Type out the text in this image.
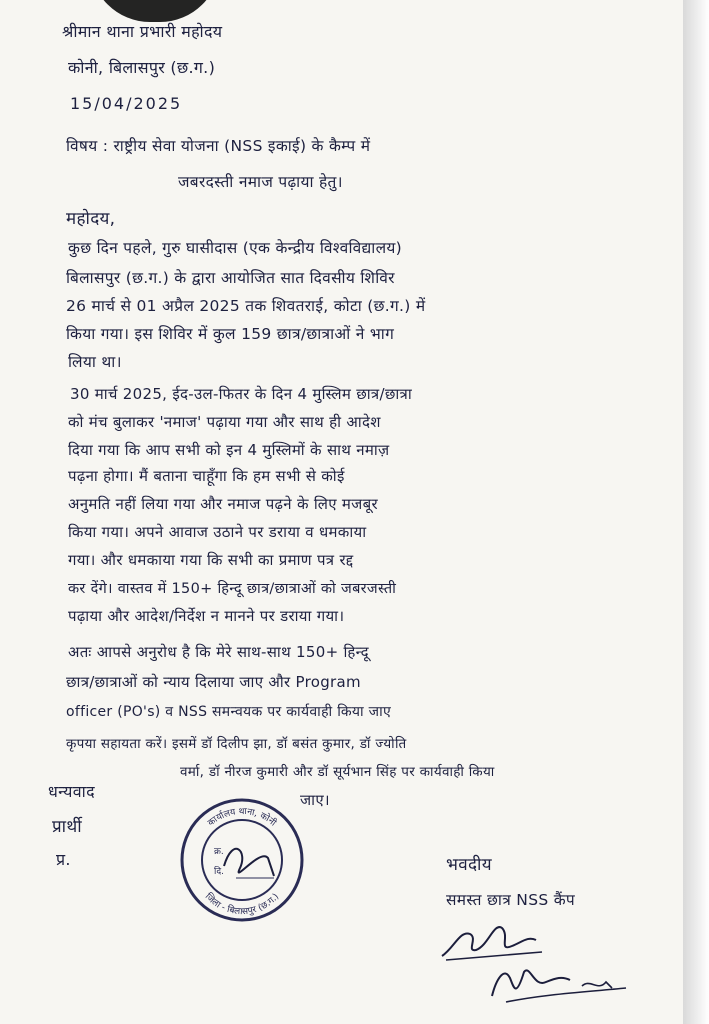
श्रीमान थाना प्रभारी महोदय
कोनी, बिलासपुर (छ.ग.)
15/04/2025
विषय : राष्ट्रीय सेवा योजना (NSS इकाई) के कैम्प में
जबरदस्ती नमाज पढ़ाया हेतु।
महोदय,
कुछ दिन पहले, गुरु घासीदास (एक केन्द्रीय विश्वविद्यालय)
बिलासपुर (छ.ग.) के द्वारा आयोजित सात दिवसीय शिविर
26 मार्च से 01 अप्रैल 2025 तक शिवतराई, कोटा (छ.ग.) में
किया गया। इस शिविर में कुल 159 छात्र/छात्राओं ने भाग
लिया था।
30 मार्च 2025, ईद-उल-फितर के दिन 4 मुस्लिम छात्र/छात्रा
को मंच बुलाकर 'नमाज' पढ़ाया गया और साथ ही आदेश
दिया गया कि आप सभी को इन 4 मुस्लिमों के साथ नमाज़
पढ़ना होगा। मैं बताना चाहूँगा कि हम सभी से कोई
अनुमति नहीं लिया गया और नमाज पढ़ने के लिए मजबूर
किया गया। अपने आवाज उठाने पर डराया व धमकाया
गया। और धमकाया गया कि सभी का प्रमाण पत्र रद्द
कर देंगे। वास्तव में 150+ हिन्दू छात्र/छात्राओं को जबरजस्ती
पढ़ाया और आदेश/निर्देश न मानने पर डराया गया।
अतः आपसे अनुरोध है कि मेरे साथ-साथ 150+ हिन्दू
छात्र/छात्राओं को न्याय दिलाया जाए और Program
officer (PO's) व NSS समन्वयक पर कार्यवाही किया जाए
कृपया सहायता करें। इसमें डॉ दिलीप झा, डॉ बसंत कुमार, डॉ ज्योति
वर्मा, डॉ नीरज कुमारी और डॉ सूर्यभान सिंह पर कार्यवाही किया
जाए।
धन्यवाद
प्रार्थी
प्र.
कार्यालय थाना, कोनी
जिला - बिलासपुर (छ.ग.)
क्र.
दि.	भवदीय
समस्त छात्र NSS कैंप
